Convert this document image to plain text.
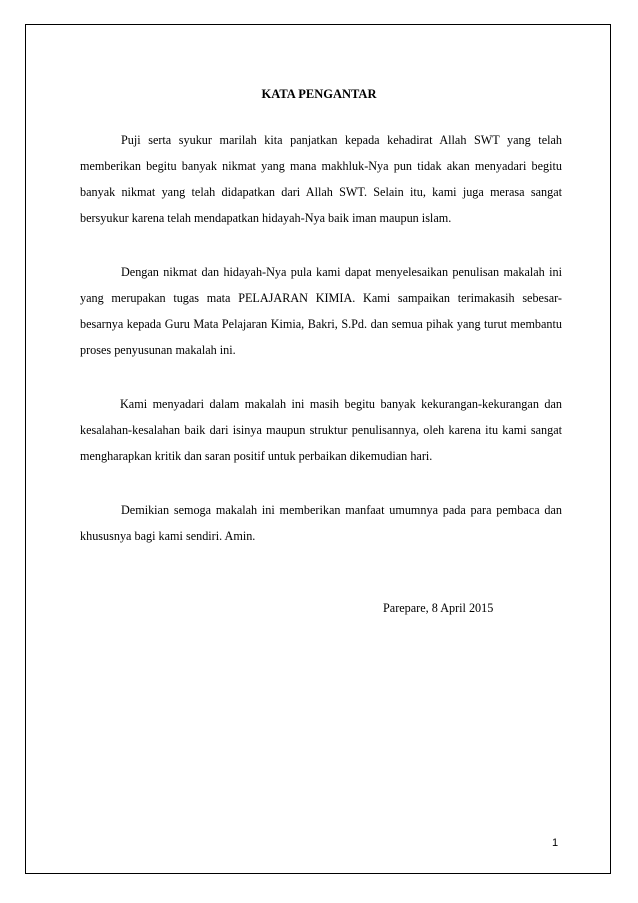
KATA PENGANTAR

Puji serta syukur marilah kita panjatkan kepada kehadirat Allah SWT yang telah memberikan begitu banyak nikmat yang mana makhluk-Nya pun tidak akan menyadari begitu banyak nikmat yang telah didapatkan dari Allah SWT. Selain itu, kami juga merasa sangat bersyukur karena telah mendapatkan hidayah-Nya baik iman maupun islam.

Dengan nikmat dan hidayah-Nya pula kami dapat menyelesaikan penulisan makalah ini yang merupakan tugas mata PELAJARAN KIMIA. Kami sampaikan terimakasih sebesar-besarnya kepada Guru Mata Pelajaran Kimia, Bakri, S.Pd. dan semua pihak yang turut membantu proses penyusunan makalah ini.

Kami menyadari dalam makalah ini masih begitu banyak kekurangan-kekurangan dan kesalahan-kesalahan baik dari isinya maupun struktur penulisannya, oleh karena itu kami sangat mengharapkan kritik dan saran positif untuk perbaikan dikemudian hari.

Demikian semoga makalah ini memberikan manfaat umumnya pada para pembaca dan khususnya bagi kami sendiri. Amin.

Parepare, 8 April 2015
1
